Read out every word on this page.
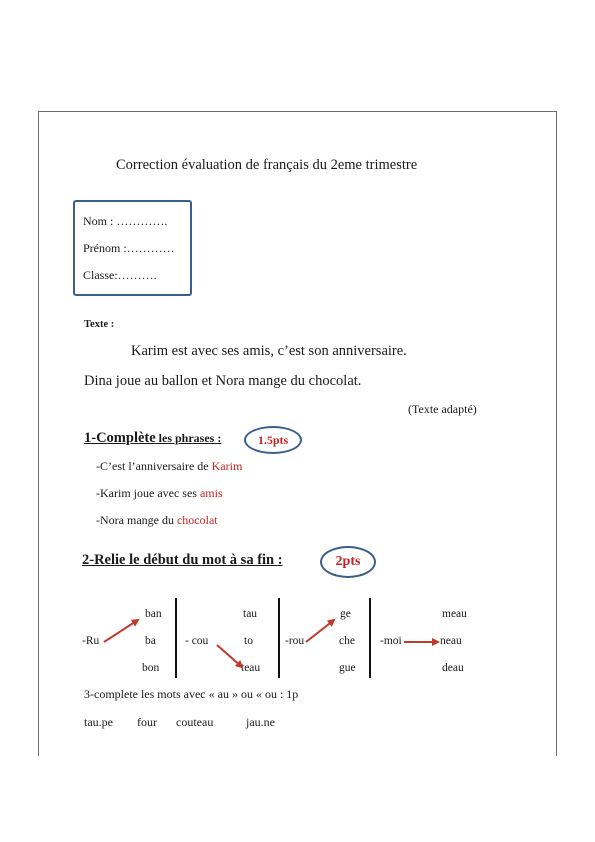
Correction évaluation de français du 2eme trimestre
Nom : ………….
Prénom :…………
Classe:……….
Texte :
Karim est avec ses amis, c’est son anniversaire.
Dina joue au ballon et Nora mange du chocolat.
(Texte adapté)
1-Complète les phrases :	1.5pts
-C’est l’anniversaire de Karim
-Karim joue avec ses amis
-Nora mange du chocolat
2-Relie le début du mot à sa fin :	2pts
-Ru
ban
ba
bon
- cou
tau
to
teau
-rou
ge
che
gue
-moi
meau
neau
deau
3-complete les mots avec « au » ou « ou : 1p
tau.pe four couteau	jau.ne
